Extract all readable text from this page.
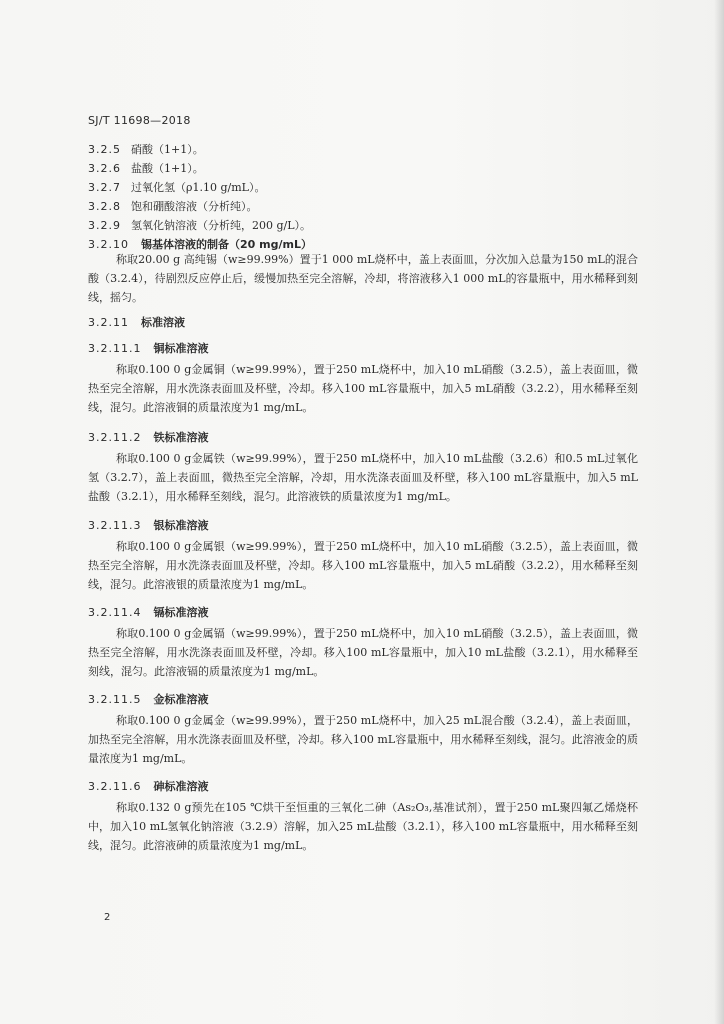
SJ/T 11698—2018
3.2.5 硝酸（1+1）。
3.2.6 盐酸（1+1）。
3.2.7 过氧化氢（ρ1.10 g/mL）。
3.2.8 饱和硼酸溶液（分析纯）。
3.2.9 氢氧化钠溶液（分析纯，200 g/L）。
3.2.10 锡基体溶液的制备（20 mg/mL）
称取20.00 g 高纯锡（w≥99.99%）置于1 000 mL烧杯中，盖上表面皿，分次加入总量为150 mL的混合酸（3.2.4），待剧烈反应停止后，缓慢加热至完全溶解，冷却，将溶液移入1 000 mL的容量瓶中，用水稀释到刻线，摇匀。
3.2.11 标准溶液
3.2.11.1 铜标准溶液
称取0.100 0 g金属铜（w≥99.99%），置于250 mL烧杯中，加入10 mL硝酸（3.2.5），盖上表面皿，微热至完全溶解，用水洗涤表面皿及杯壁，冷却。移入100 mL容量瓶中，加入5 mL硝酸（3.2.2），用水稀释至刻线，混匀。此溶液铜的质量浓度为1 mg/mL。
3.2.11.2 铁标准溶液
称取0.100 0 g金属铁（w≥99.99%），置于250 mL烧杯中，加入10 mL盐酸（3.2.6）和0.5 mL过氧化氢（3.2.7），盖上表面皿，微热至完全溶解，冷却，用水洗涤表面皿及杯壁，移入100 mL容量瓶中，加入5 mL盐酸（3.2.1），用水稀释至刻线，混匀。此溶液铁的质量浓度为1 mg/mL。
3.2.11.3 银标准溶液
称取0.100 0 g金属银（w≥99.99%），置于250 mL烧杯中，加入10 mL硝酸（3.2.5），盖上表面皿，微热至完全溶解，用水洗涤表面皿及杯壁，冷却。移入100 mL容量瓶中，加入5 mL硝酸（3.2.2），用水稀释至刻线，混匀。此溶液银的质量浓度为1 mg/mL。
3.2.11.4 镉标准溶液
称取0.100 0 g金属镉（w≥99.99%），置于250 mL烧杯中，加入10 mL硝酸（3.2.5），盖上表面皿，微热至完全溶解，用水洗涤表面皿及杯壁，冷却。移入100 mL容量瓶中，加入10 mL盐酸（3.2.1），用水稀释至刻线，混匀。此溶液镉的质量浓度为1 mg/mL。
3.2.11.5 金标准溶液
称取0.100 0 g金属金（w≥99.99%），置于250 mL烧杯中，加入25 mL混合酸（3.2.4），盖上表面皿，加热至完全溶解，用水洗涤表面皿及杯壁，冷却。移入100 mL容量瓶中，用水稀释至刻线，混匀。此溶液金的质量浓度为1 mg/mL。
3.2.11.6 砷标准溶液
称取0.132 0 g预先在105 ℃烘干至恒重的三氧化二砷（As₂O₃,基准试剂），置于250 mL聚四氟乙烯烧杯中，加入10 mL氢氧化钠溶液（3.2.9）溶解，加入25 mL盐酸（3.2.1），移入100 mL容量瓶中，用水稀释至刻线，混匀。此溶液砷的质量浓度为1 mg/mL。
2
